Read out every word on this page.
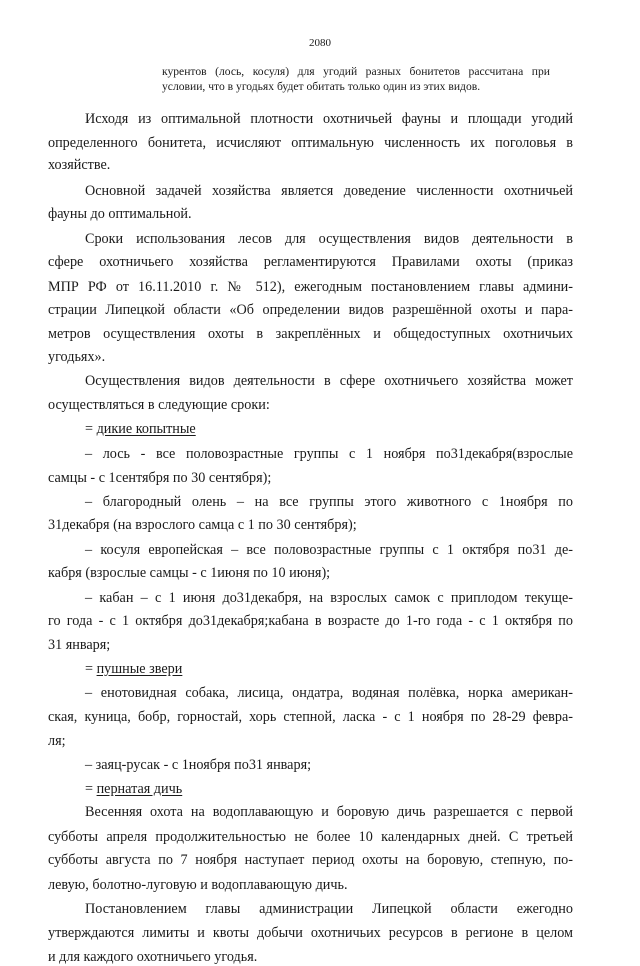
2080
курентов (лось, косуля) для угодий разных бонитетов рассчитана при
условии, что в угодьях будет обитать только один из этих видов.
Исходя из оптимальной плотности охотничьей фауны и площади угодий
определенного бонитета, исчисляют оптимальную численность их поголовья в
хозяйстве.
Основной задачей хозяйства является доведение численности охотничьей
фауны до оптимальной.
Сроки использования лесов для осуществления видов деятельности в
сфере охотничьего хозяйства регламентируются Правилами охоты (приказ
МПР РФ от 16.11.2010 г. № 512), ежегодным постановлением главы админи-
страции Липецкой области «Об определении видов разрешённой охоты и пара-
метров осуществления охоты в закреплённых и общедоступных охотничьих
угодьях».
Осуществления видов деятельности в сфере охотничьего хозяйства может
осуществляться в следующие сроки:
= дикие копытные
– лось - все половозрастные группы с 1 ноября по31декабря(взрослые
самцы - с 1сентября по 30 сентября);
– благородный олень – на все группы этого животного с 1ноября по
31декабря (на взрослого самца с 1 по 30 сентября);
– косуля европейская – все половозрастные группы с 1 октября по31 де-
кабря (взрослые самцы - с 1июня по 10 июня);
– кабан – с 1 июня до31декабря, на взрослых самок с приплодом текуще-
го года - с 1 октября до31декабря;кабана в возрасте до 1-го года - с 1 октября по
31 января;
= пушные звери
– енотовидная собака, лисица, ондатра, водяная полёвка, норка американ-
ская, куница, бобр, горностай, хорь степной, ласка - с 1 ноября по 28-29 февра-
ля;
– заяц-русак - с 1ноября по31 января;
= пернатая дичь
Весенняя охота на водоплавающую и боровую дичь разрешается с первой
субботы апреля продолжительностью не более 10 календарных дней. С третьей
субботы августа по 7 ноября наступает период охоты на боровую, степную, по-
левую, болотно-луговую и водоплавающую дичь.
Постановлением главы администрации Липецкой области ежегодно
утверждаются лимиты и квоты добычи охотничьих ресурсов в регионе в целом
и для каждого охотничьего угодья.
